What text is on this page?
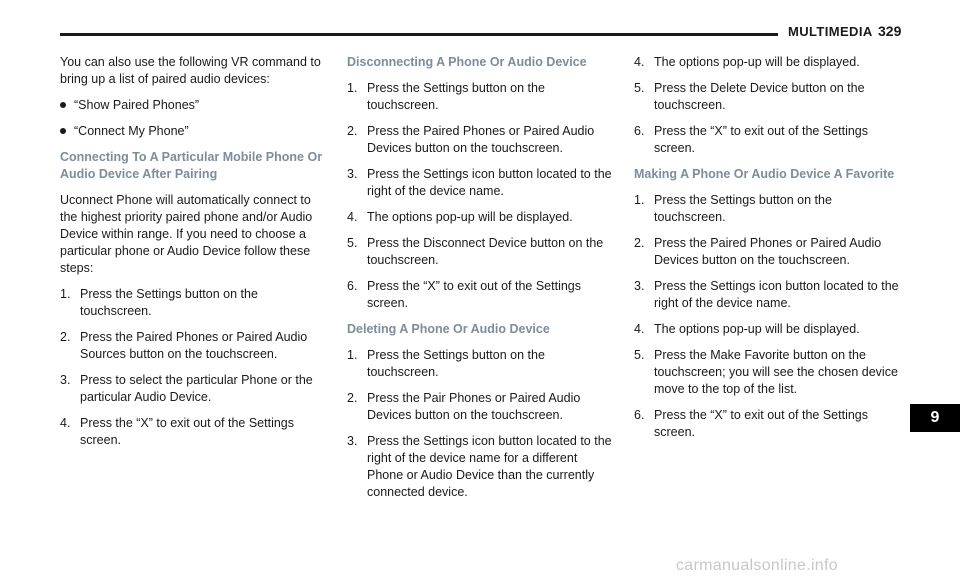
MULTIMEDIA 329

You can also use the following VR command to bring up a list of paired audio devices:

“Show Paired Phones”
“Connect My Phone”
Connecting To A Particular Mobile Phone Or Audio Device After Pairing

Uconnect Phone will automatically connect to the highest priority paired phone and/or Audio Device within range. If you need to choose a particular phone or Audio Device follow these steps:

1. Press the Settings button on the touchscreen.
2. Press the Paired Phones or Paired Audio Sources button on the touchscreen.
3. Press to select the particular Phone or the particular Audio Device.
4. Press the “X” to exit out of the Settings screen.
Disconnecting A Phone Or Audio Device
1. Press the Settings button on the touchscreen.
2. Press the Paired Phones or Paired Audio Devices button on the touchscreen.
3. Press the Settings icon button located to the right of the device name.
4. The options pop-up will be displayed.
5. Press the Disconnect Device button on the touchscreen.
6. Press the “X” to exit out of the Settings screen.
Deleting A Phone Or Audio Device
1. Press the Settings button on the touchscreen.
2. Press the Pair Phones or Paired Audio Devices button on the touchscreen.
3. Press the Settings icon button located to the right of the device name for a different Phone or Audio Device than the currently connected device.
4. The options pop-up will be displayed.
5. Press the Delete Device button on the touchscreen.
6. Press the “X” to exit out of the Settings screen.
Making A Phone Or Audio Device A Favorite
1. Press the Settings button on the touchscreen.
2. Press the Paired Phones or Paired Audio Devices button on the touchscreen.
3. Press the Settings icon button located to the right of the device name.
4. The options pop-up will be displayed.
5. Press the Make Favorite button on the touchscreen; you will see the chosen device move to the top of the list.
6. Press the “X” to exit out of the Settings screen.
9
carmanualsonline.info
